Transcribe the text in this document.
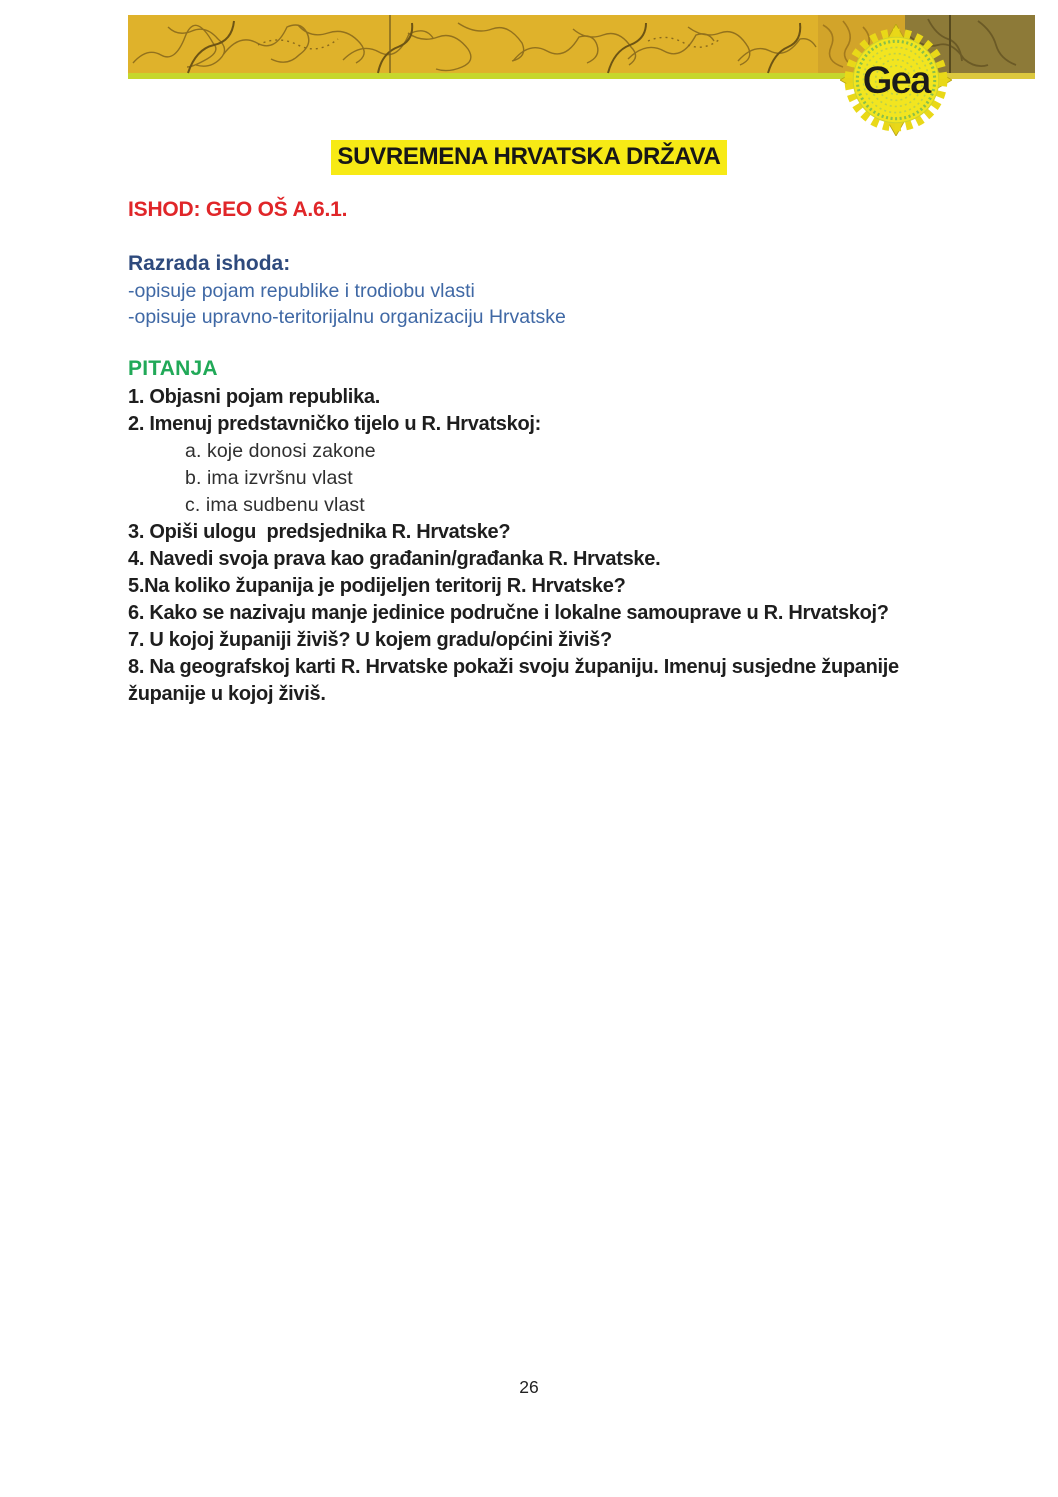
Gea
SUVREMENA HRVATSKA DRŽAVA
ISHOD: GEO OŠ A.6.1.
Razrada ishoda:
-opisuje pojam republike i trodiobu vlasti
-opisuje upravno-teritorijalnu organizaciju Hrvatske
PITANJA
1. Objasni pojam republika.
2. Imenuj predstavničko tijelo u R. Hrvatskoj:
a. koje donosi zakone
b. ima izvršnu vlast
c. ima sudbenu vlast
3. Opiši ulogu  predsjednika R. Hrvatske?
4. Navedi svoja prava kao građanin/građanka R. Hrvatske.
5.Na koliko županija je podijeljen teritorij R. Hrvatske?
6. Kako se nazivaju manje jedinice područne i lokalne samouprave u R. Hrvatskoj?
7. U kojoj županiji živiš? U kojem gradu/općini živiš?
8. Na geografskoj karti R. Hrvatske pokaži svoju županiju. Imenuj susjedne županije županije u kojoj živiš.
26
